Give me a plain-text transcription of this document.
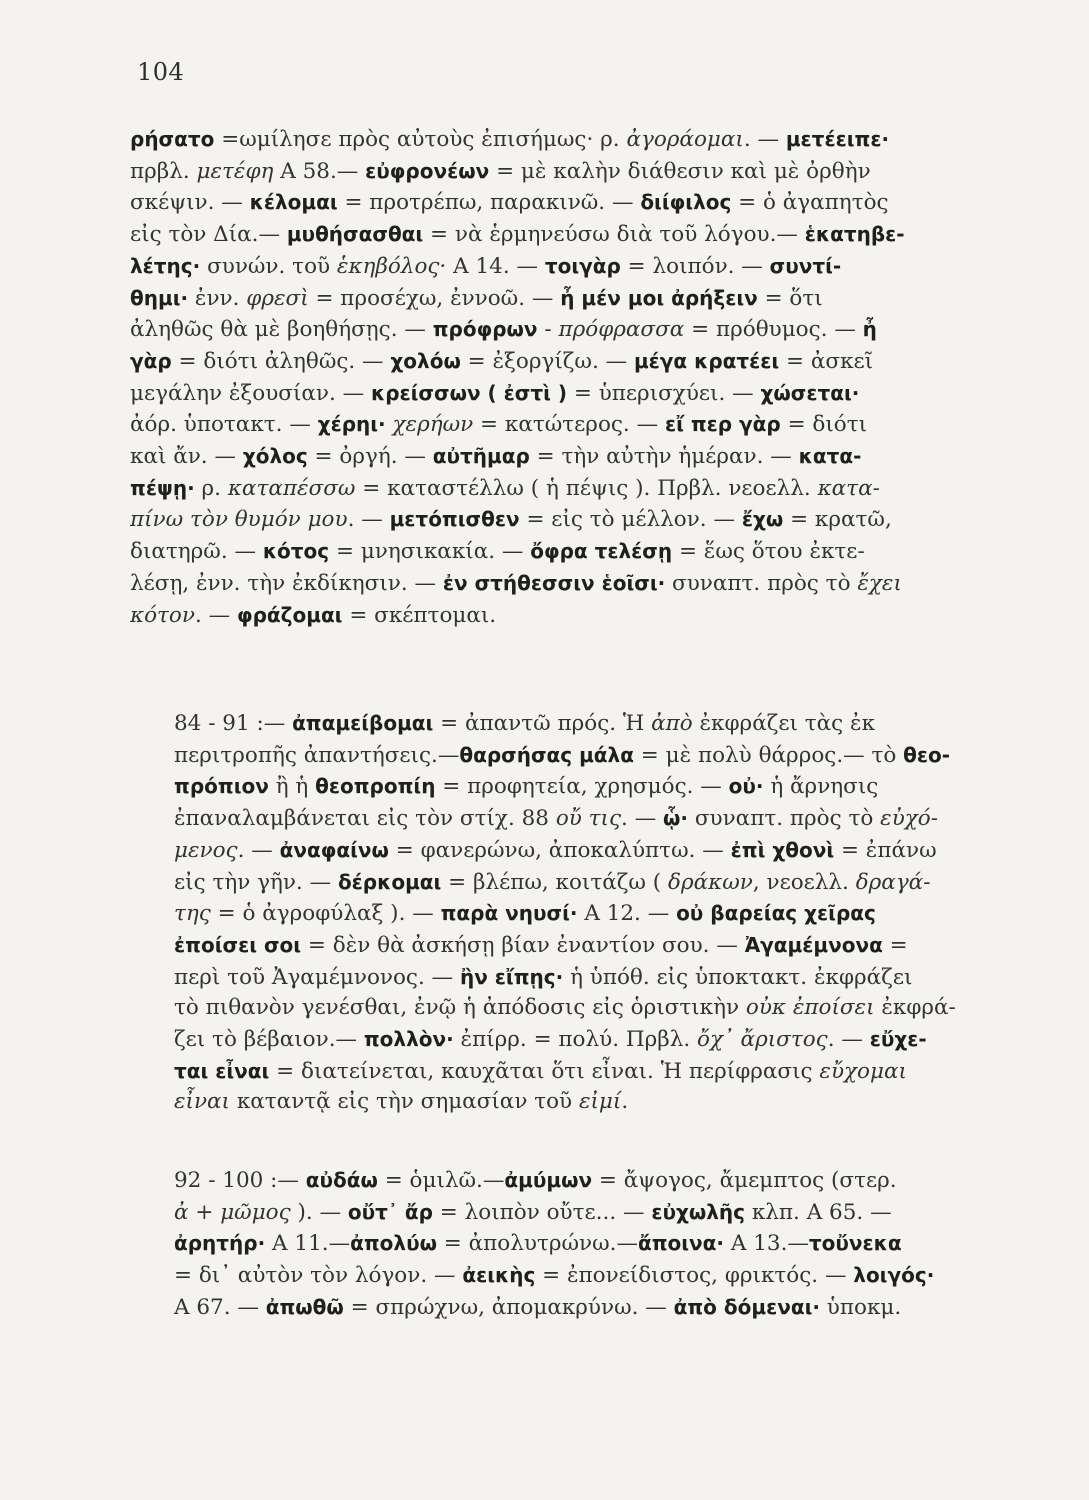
104
ρήσατο =ωμίλησε πρὸς αὐτοὺς ἐπισήμως· ρ. ἀγοράομαι. — μετέειπε·
πρβλ. μετέφη Α 58.— εὐφρονέων = μὲ καλὴν διάθεσιν καὶ μὲ ὀρθὴν
σκέψιν. — κέλομαι = προτρέπω, παρακινῶ. — διίφιλος = ὁ ἀγαπητὸς
εἰς τὸν Δία.— μυθήσασθαι = νὰ ἑρμηνεύσω διὰ τοῦ λόγου.— ἑκατηβε-
λέτης· συνών. τοῦ ἑκηβόλος· Α 14. — τοιγὰρ = λοιπόν. — συντί-
θημι· ἐνν. φρεσὶ = προσέχω, ἐννοῶ. — ἦ μέν μοι ἀρήξειν = ὅτι
ἀληθῶς θὰ μὲ βοηθήσῃς. — πρόφρων - πρόφρασσα = πρόθυμος. — ἦ
γὰρ = διότι ἀληθῶς. — χολόω = ἐξοργίζω. — μέγα κρατέει = ἀσκεῖ
μεγάλην ἐξουσίαν. — κρείσσων ( ἐστὶ ) = ὑπερισχύει. — χώσεται·
ἀόρ. ὑποτακτ. — χέρηι· χερήων = κατώτερος. — εἴ περ γὰρ = διότι
καὶ ἄν. — χόλος = ὀργή. — αὐτῆμαρ = τὴν αὐτὴν ἡμέραν. — κατα-
πέψῃ· ρ. καταπέσσω = καταστέλλω ( ἡ πέψις ). Πρβλ. νεοελλ. κατα-
πίνω τὸν θυμόν μου. — μετόπισθεν = εἰς τὸ μέλλον. — ἔχω = κρατῶ,
διατηρῶ. — κότος = μνησικακία. — ὄφρα τελέσῃ = ἕως ὅτου ἐκτε-
λέσῃ, ἐνν. τὴν ἐκδίκησιν. — ἐν στήθεσσιν ἑοῖσι· συναπτ. πρὸς τὸ ἔχει
κότον. — φράζομαι = σκέπτομαι.
84 - 91 :— ἀπαμείβομαι = ἀπαντῶ πρός. Ἡ ἀπὸ ἐκφράζει τὰς ἐκ
περιτροπῆς ἀπαντήσεις.—θαρσήσας μάλα = μὲ πολὺ θάρρος.— τὸ θεο-
πρόπιον ἢ ἡ θεοπροπίη = προφητεία, χρησμός. — οὐ· ἡ ἄρνησις
ἐπαναλαμβάνεται εἰς τὸν στίχ. 88 οὔ τις. — ᾧ· συναπτ. πρὸς τὸ εὐχό-
μενος. — ἀναφαίνω = φανερώνω, ἀποκαλύπτω. — ἐπὶ χθονὶ = ἐπάνω
εἰς τὴν γῆν. — δέρκομαι = βλέπω, κοιτάζω ( δράκων, νεοελλ. δραγά-
της = ὁ ἀγροφύλαξ ). — παρὰ νηυσί· Α 12. — οὐ βαρείας χεῖρας
ἐποίσει σοι = δὲν θὰ ἀσκήσῃ βίαν ἐναντίον σου. — Ἀγαμέμνονα =
περὶ τοῦ Ἀγαμέμνονος. — ἢν εἴπῃς· ἡ ὑπόθ. εἰς ὑποκτακτ. ἐκφράζει
τὸ πιθανὸν γενέσθαι, ἐνῷ ἡ ἀπόδοσις εἰς ὁριστικὴν οὐκ ἐποίσει ἐκφρά-
ζει τὸ βέβαιον.— πολλὸν· ἐπίρρ. = πολύ. Πρβλ. ὄχ᾽ ἄριστος. — εὔχε-
ται εἶναι = διατείνεται, καυχᾶται ὅτι εἶναι. Ἡ περίφρασις εὔχομαι
εἶναι καταντᾷ εἰς τὴν σημασίαν τοῦ εἰμί.
92 - 100 :— αὐδάω = ὁμιλῶ.—ἀμύμων = ἄψογος, ἄμεμπτος (στερ.
ἀ + μῶμος ). — οὔτ᾽ ἄρ = λοιπὸν οὔτε... — εὐχωλῆς κλπ. Α 65. —
ἀρητήρ· Α 11.—ἀπολύω = ἀπολυτρώνω.—ἄποινα· Α 13.—τοὔνεκα
= δι᾽ αὐτὸν τὸν λόγον. — ἀεικὴς = ἐπονείδιστος, φρικτός. — λοιγός·
Α 67. — ἀπωθῶ = σπρώχνω, ἀπομακρύνω. — ἀπὸ δόμεναι· ὑποκμ.
